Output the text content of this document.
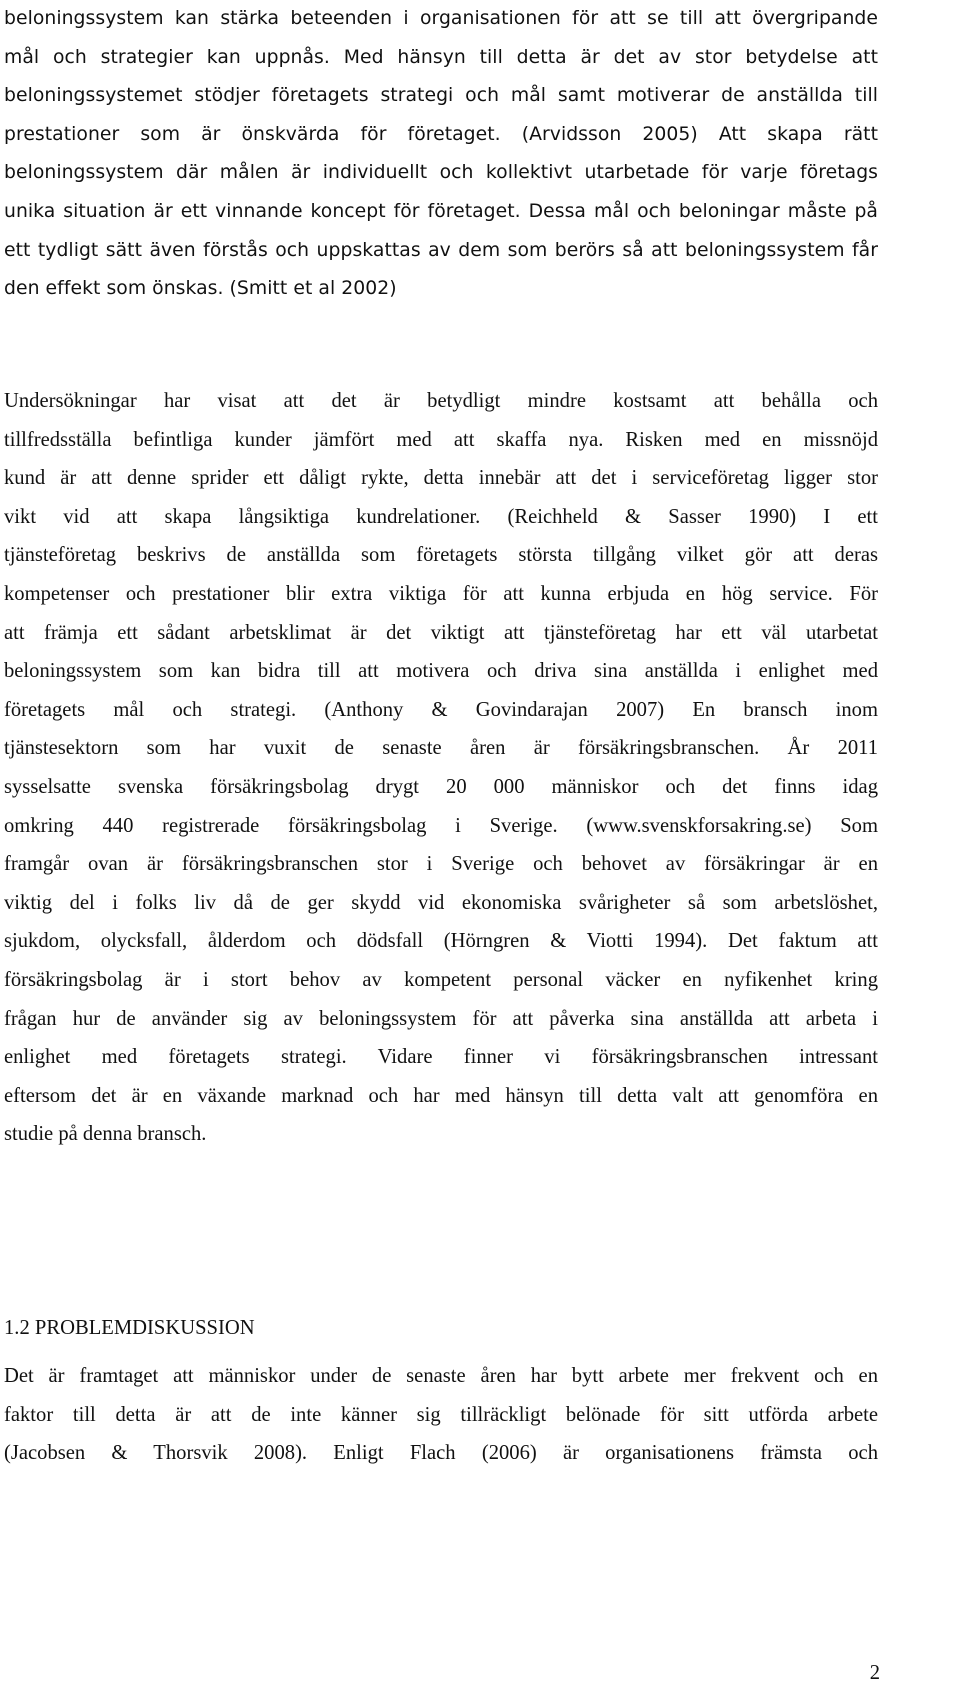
beloningssystem kan stärka beteenden i organisationen för att se till att övergripande
mål och strategier kan uppnås. Med hänsyn till detta är det av stor betydelse att
beloningssystemet stödjer företagets strategi och mål samt motiverar de anställda till
prestationer som är önskvärda för företaget. (Arvidsson 2005) Att skapa rätt
beloningssystem där målen är individuellt och kollektivt utarbetade för varje företags
unika situation är ett vinnande koncept för företaget. Dessa mål och beloningar måste på
ett tydligt sätt även förstås och uppskattas av dem som berörs så att beloningssystem får
den effekt som önskas. (Smitt et al 2002)
Undersökningar har visat att det är betydligt mindre kostsamt att behålla och
tillfredsställa befintliga kunder jämfört med att skaffa nya. Risken med en missnöjd
kund är att denne sprider ett dåligt rykte, detta innebär att det i serviceföretag ligger stor
vikt vid att skapa långsiktiga kundrelationer. (Reichheld & Sasser 1990) I ett
tjänsteföretag beskrivs de anställda som företagets största tillgång vilket gör att deras
kompetenser och prestationer blir extra viktiga för att kunna erbjuda en hög service. För
att främja ett sådant arbetsklimat är det viktigt att tjänsteföretag har ett väl utarbetat
beloningssystem som kan bidra till att motivera och driva sina anställda i enlighet med
företagets mål och strategi. (Anthony & Govindarajan 2007) En bransch inom
tjänstesektorn som har vuxit de senaste åren är försäkringsbranschen. År 2011
sysselsatte svenska försäkringsbolag drygt 20 000 människor och det finns idag
omkring 440 registrerade försäkringsbolag i Sverige. (www.svenskforsakring.se) Som
framgår ovan är försäkringsbranschen stor i Sverige och behovet av försäkringar är en
viktig del i folks liv då de ger skydd vid ekonomiska svårigheter så som arbetslöshet,
sjukdom, olycksfall, ålderdom och dödsfall (Hörngren & Viotti 1994). Det faktum att
försäkringsbolag är i stort behov av kompetent personal väcker en nyfikenhet kring
frågan hur de använder sig av beloningssystem för att påverka sina anställda att arbeta i
enlighet med företagets strategi. Vidare finner vi försäkringsbranschen intressant
eftersom det är en växande marknad och har med hänsyn till detta valt att genomföra en
studie på denna bransch.
1.2 PROBLEMDISKUSSION
Det är framtaget att människor under de senaste åren har bytt arbete mer frekvent och en
faktor till detta är att de inte känner sig tillräckligt belönade för sitt utförda arbete
(Jacobsen & Thorsvik 2008). Enligt Flach (2006) är organisationens främsta och
2
